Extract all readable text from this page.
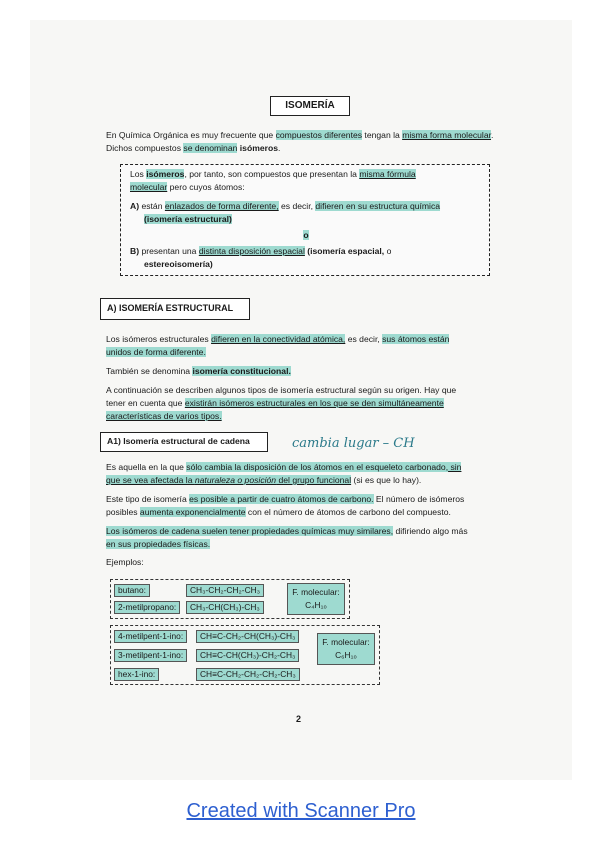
ISOMERÍA
En Química Orgánica es muy frecuente que compuestos diferentes tengan la misma forma molecular. Dichos compuestos se denominan isómeros.
Los isómeros, por tanto, son compuestos que presentan la misma fórmula
molecular pero cuyos átomos:
A) están enlazados de forma diferente, es decir, difieren en su estructura química
(isomería estructural)
o
B) presentan una distinta disposición espacial (isomería espacial, o
estereoisomería)
A) ISOMERÍA ESTRUCTURAL
Los isómeros estructurales difieren en la conectividad atómica, es decir, sus átomos están
unidos de forma diferente.
También se denomina isomería constitucional.
A continuación se describen algunos tipos de isomería estructural según su origen. Hay que
tener en cuenta que existirán isómeros estructurales en los que se den simultáneamente
características de varios tipos.
A1) Isomería estructural de cadena	cambia lugar – CH
Es aquella en la que sólo cambia la disposición de los átomos en el esqueleto carbonado, sin
que se vea afectada la naturaleza o posición del grupo funcional (si es que lo hay).
Este tipo de isomería es posible a partir de cuatro átomos de carbono. El número de isómeros
posibles aumenta exponencialmente con el número de átomos de carbono del compuesto.
Los isómeros de cadena suelen tener propiedades químicas muy similares, difiriendo algo más
en sus propiedades físicas.
Ejemplos:
butano:	CH₃-CH₂-CH₂-CH₃
2-metilpropano:	CH₃-CH(CH₃)-CH₃
F. molecular:
C₄H₁₀
4-metilpent-1-ino:	CH≡C-CH₂-CH(CH₃)-CH₃
3-metilpent-1-ino:	CH≡C-CH(CH₃)-CH₂-CH₃
hex-1-ino:	CH≡C-CH₂-CH₂-CH₂-CH₃
F. molecular:
C₆H₁₀
2
Created with Scanner Pro
